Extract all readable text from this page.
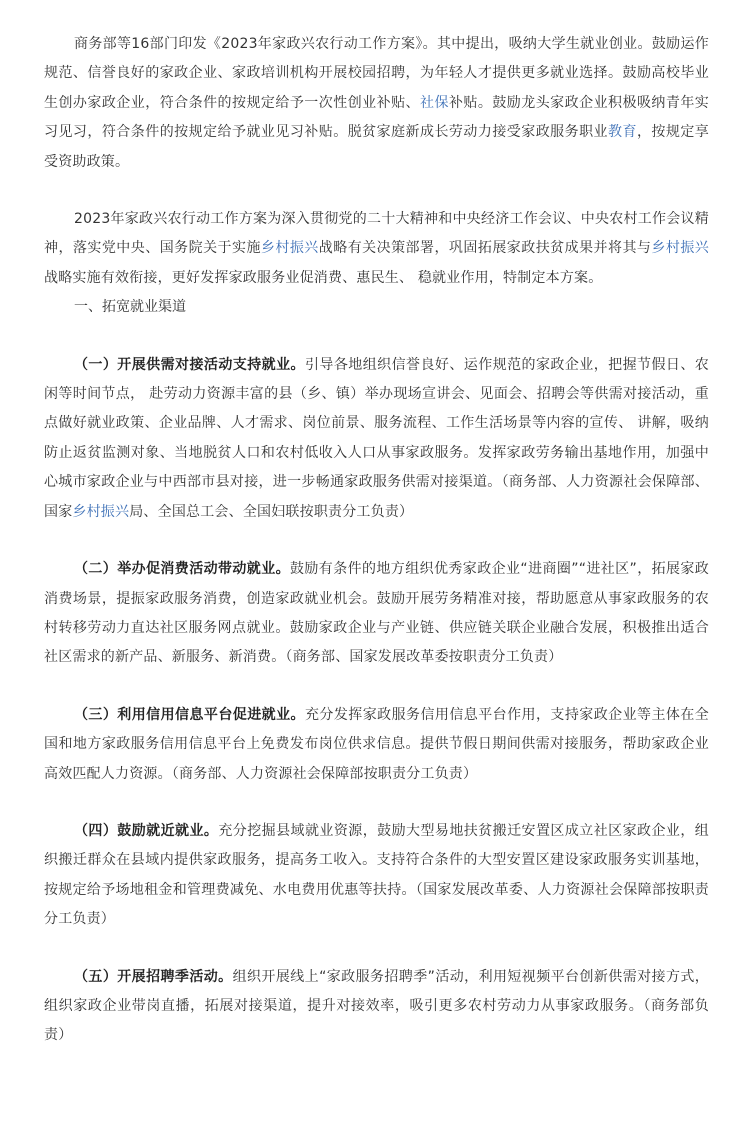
商务部等16部门印发《2023年家政兴农行动工作方案》。其中提出，吸纳大学生就业创业。鼓励运作规范、信誉良好的家政企业、家政培训机构开展校园招聘，为年轻人才提供更多就业选择。鼓励高校毕业生创办家政企业，符合条件的按规定给予一次性创业补贴、社保补贴。鼓励龙头家政企业积极吸纳青年实习见习，符合条件的按规定给予就业见习补贴。脱贫家庭新成长劳动力接受家政服务职业教育，按规定享受资助政策。

2023年家政兴农行动工作方案为深入贯彻党的二十大精神和中央经济工作会议、中央农村工作会议精神，落实党中央、国务院关于实施乡村振兴战略有关决策部署，巩固拓展家政扶贫成果并将其与乡村振兴战略实施有效衔接，更好发挥家政服务业促消费、惠民生、 稳就业作用，特制定本方案。

一、拓宽就业渠道

（一）开展供需对接活动支持就业。引导各地组织信誉良好、运作规范的家政企业，把握节假日、农闲等时间节点， 赴劳动力资源丰富的县（乡、镇）举办现场宣讲会、见面会、招聘会等供需对接活动，重点做好就业政策、企业品牌、人才需求、岗位前景、服务流程、工作生活场景等内容的宣传、 讲解，吸纳防止返贫监测对象、当地脱贫人口和农村低收入人口从事家政服务。发挥家政劳务输出基地作用，加强中心城市家政企业与中西部市县对接，进一步畅通家政服务供需对接渠道。（商务部、人力资源社会保障部、国家乡村振兴局、全国总工会、全国妇联按职责分工负责）

（二）举办促消费活动带动就业。鼓励有条件的地方组织优秀家政企业“进商圈”“进社区”，拓展家政消费场景，提振家政服务消费，创造家政就业机会。鼓励开展劳务精准对接，帮助愿意从事家政服务的农村转移劳动力直达社区服务网点就业。鼓励家政企业与产业链、供应链关联企业融合发展，积极推出适合社区需求的新产品、新服务、新消费。（商务部、国家发展改革委按职责分工负责）

（三）利用信用信息平台促进就业。充分发挥家政服务信用信息平台作用，支持家政企业等主体在全国和地方家政服务信用信息平台上免费发布岗位供求信息。提供节假日期间供需对接服务，帮助家政企业高效匹配人力资源。（商务部、人力资源社会保障部按职责分工负责）

（四）鼓励就近就业。充分挖掘县域就业资源，鼓励大型易地扶贫搬迁安置区成立社区家政企业，组织搬迁群众在县域内提供家政服务，提高务工收入。支持符合条件的大型安置区建设家政服务实训基地，按规定给予场地租金和管理费减免、水电费用优惠等扶持。（国家发展改革委、人力资源社会保障部按职责分工负责）

（五）开展招聘季活动。组织开展线上“家政服务招聘季”活动，利用短视频平台创新供需对接方式，组织家政企业带岗直播，拓展对接渠道，提升对接效率，吸引更多农村劳动力从事家政服务。（商务部负责）
